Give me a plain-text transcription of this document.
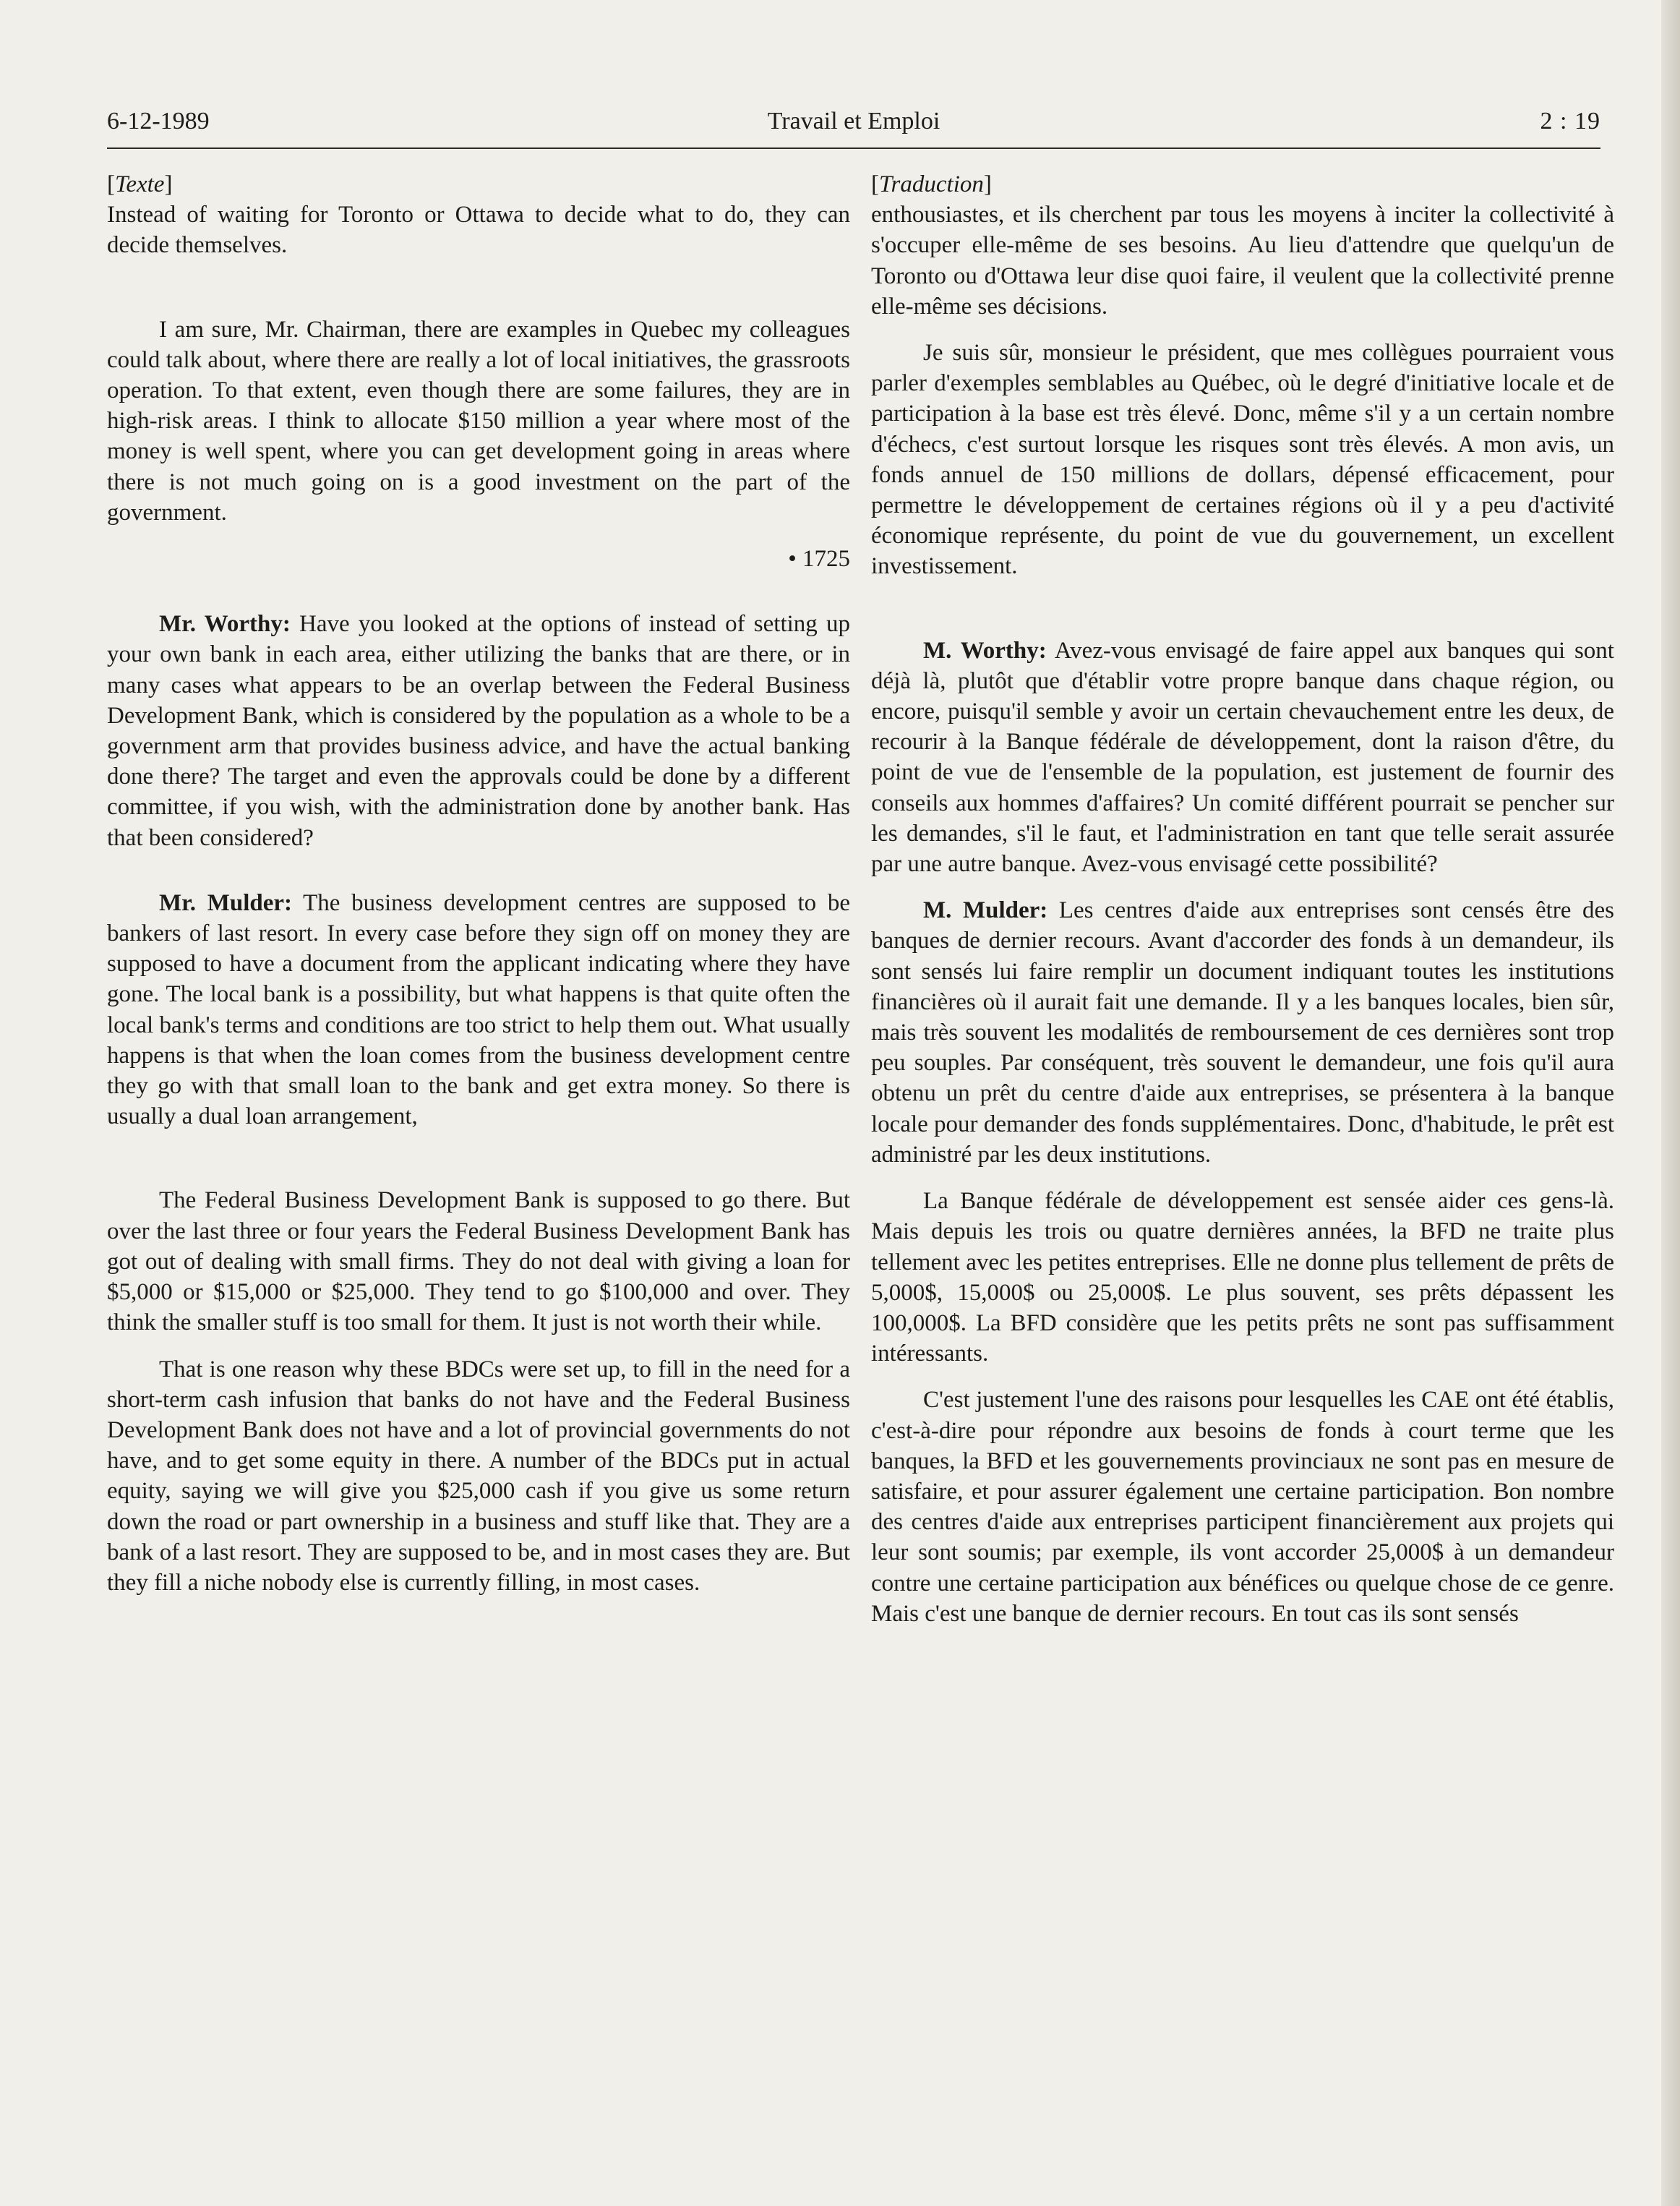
6-12-1989	Travail et Emploi	2 : 19
[Texte]

Instead of waiting for Toronto or Ottawa to decide what to do, they can decide themselves.

I am sure, Mr. Chairman, there are examples in Quebec my colleagues could talk about, where there are really a lot of local initiatives, the grassroots operation. To that extent, even though there are some failures, they are in high-risk areas. I think to allocate $150 million a year where most of the money is well spent, where you can get development going in areas where there is not much going on is a good investment on the part of the government.

• 1725

Mr. Worthy: Have you looked at the options of instead of setting up your own bank in each area, either utilizing the banks that are there, or in many cases what appears to be an overlap between the Federal Business Development Bank, which is considered by the population as a whole to be a government arm that provides business advice, and have the actual banking done there? The target and even the approvals could be done by a different committee, if you wish, with the administration done by another bank. Has that been considered?

Mr. Mulder: The business development centres are supposed to be bankers of last resort. In every case before they sign off on money they are supposed to have a document from the applicant indicating where they have gone. The local bank is a possibility, but what happens is that quite often the local bank's terms and conditions are too strict to help them out. What usually happens is that when the loan comes from the business development centre they go with that small loan to the bank and get extra money. So there is usually a dual loan arrangement,

The Federal Business Development Bank is supposed to go there. But over the last three or four years the Federal Business Development Bank has got out of dealing with small firms. They do not deal with giving a loan for $5,000 or $15,000 or $25,000. They tend to go $100,000 and over. They think the smaller stuff is too small for them. It just is not worth their while.

That is one reason why these BDCs were set up, to fill in the need for a short-term cash infusion that banks do not have and the Federal Business Development Bank does not have and a lot of provincial governments do not have, and to get some equity in there. A number of the BDCs put in actual equity, saying we will give you $25,000 cash if you give us some return down the road or part ownership in a business and stuff like that. They are a bank of a last resort. They are supposed to be, and in most cases they are. But they fill a niche nobody else is currently filling, in most cases.

[Traduction]

enthousiastes, et ils cherchent par tous les moyens à inciter la collectivité à s'occuper elle-même de ses besoins. Au lieu d'attendre que quelqu'un de Toronto ou d'Ottawa leur dise quoi faire, il veulent que la collectivité prenne elle-même ses décisions.

Je suis sûr, monsieur le président, que mes collègues pourraient vous parler d'exemples semblables au Québec, où le degré d'initiative locale et de participation à la base est très élevé. Donc, même s'il y a un certain nombre d'échecs, c'est surtout lorsque les risques sont très élevés. A mon avis, un fonds annuel de 150 millions de dollars, dépensé efficacement, pour permettre le développement de certaines régions où il y a peu d'activité économique représente, du point de vue du gouvernement, un excellent investissement.

M. Worthy: Avez-vous envisagé de faire appel aux banques qui sont déjà là, plutôt que d'établir votre propre banque dans chaque région, ou encore, puisqu'il semble y avoir un certain chevauchement entre les deux, de recourir à la Banque fédérale de développement, dont la raison d'être, du point de vue de l'ensemble de la population, est justement de fournir des conseils aux hommes d'affaires? Un comité différent pourrait se pencher sur les demandes, s'il le faut, et l'administration en tant que telle serait assurée par une autre banque. Avez-vous envisagé cette possibilité?

M. Mulder: Les centres d'aide aux entreprises sont censés être des banques de dernier recours. Avant d'accorder des fonds à un demandeur, ils sont sensés lui faire remplir un document indiquant toutes les institutions financières où il aurait fait une demande. Il y a les banques locales, bien sûr, mais très souvent les modalités de remboursement de ces dernières sont trop peu souples. Par conséquent, très souvent le demandeur, une fois qu'il aura obtenu un prêt du centre d'aide aux entreprises, se présentera à la banque locale pour demander des fonds supplémentaires. Donc, d'habitude, le prêt est administré par les deux institutions.

La Banque fédérale de développement est sensée aider ces gens-là. Mais depuis les trois ou quatre dernières années, la BFD ne traite plus tellement avec les petites entreprises. Elle ne donne plus tellement de prêts de 5,000$, 15,000$ ou 25,000$. Le plus souvent, ses prêts dépassent les 100,000$. La BFD considère que les petits prêts ne sont pas suffisamment intéressants.

C'est justement l'une des raisons pour lesquelles les CAE ont été établis, c'est-à-dire pour répondre aux besoins de fonds à court terme que les banques, la BFD et les gouvernements provinciaux ne sont pas en mesure de satisfaire, et pour assurer également une certaine participation. Bon nombre des centres d'aide aux entreprises participent financièrement aux projets qui leur sont soumis; par exemple, ils vont accorder 25,000$ à un demandeur contre une certaine participation aux bénéfices ou quelque chose de ce genre. Mais c'est une banque de dernier recours. En tout cas ils sont sensés
